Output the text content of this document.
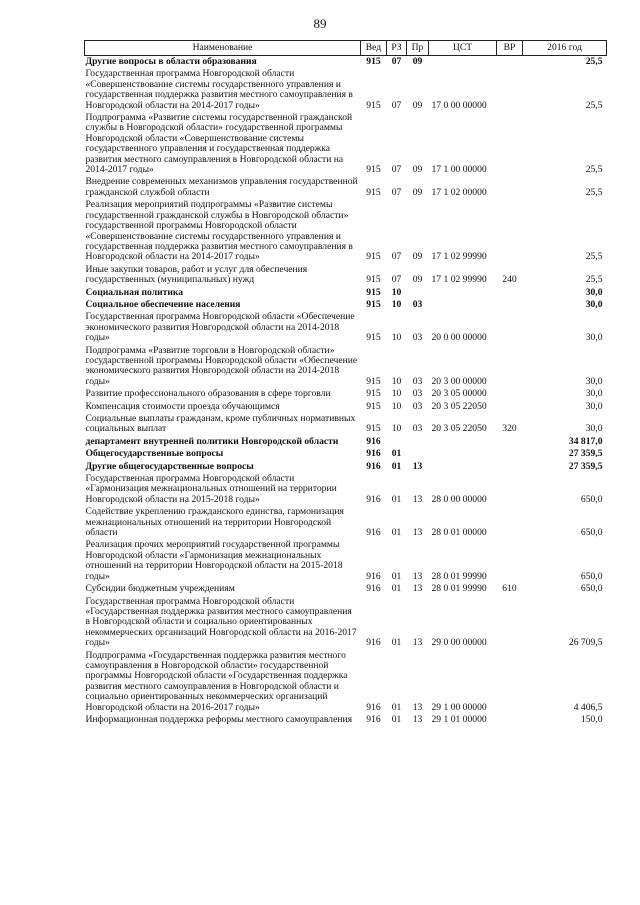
89
Наименование	Вед	РЗ	Пр	ЦСТ	ВР	2016 год
Другие вопросы в области образования	915	07	09			25,5
Государственная программа Новгородской области «Совершенствование системы государственного управления и государственная поддержка развития местного самоуправления в Новгородской области на 2014-2017 годы»	915	07	09	17 0 00 00000		25,5
Подпрограмма «Развитие системы государственной гражданской службы в Новгородской области» государственной программы Новгородской области «Совершенствование системы государственного управления и государственная поддержка развития местного самоуправления в Новгородской области на 2014-2017 годы»	915	07	09	17 1 00 00000		25,5
Внедрение современных механизмов управления государственной гражданской службой области	915	07	09	17 1 02 00000		25,5
Реализация мероприятий подпрограммы «Развитие системы государственной гражданской службы в Новгородской области» государственной программы Новгородской области «Совершенствование системы государственного управления и государственная поддержка развития местного самоуправления в Новгородской области на 2014-2017 годы»	915	07	09	17 1 02 99990		25,5
Иные закупки товаров, работ и услуг для обеспечения государственных (муниципальных) нужд	915	07	09	17 1 02 99990	240	25,5
Социальная политика	915	10				30,0
Социальное обеспечение населения	915	10	03			30,0
Государственная программа Новгородской области «Обеспечение экономического развития Новгородской области на 2014-2018 годы»	915	10	03	20 0 00 00000		30,0
Подпрограмма «Развитие торговли в Новгородской области» государственной программы Новгородской области «Обеспечение экономического развития Новгородской области на 2014-2018 годы»	915	10	03	20 3 00 00000		30,0
Развитие профессионального образования в сфере торговли	915	10	03	20 3 05 00000		30,0
Компенсация стоимости проезда обучающимся	915	10	03	20 3 05 22050		30,0
Социальные выплаты гражданам, кроме публичных нормативных социальных выплат	915	10	03	20 3 05 22050	320	30,0
департамент внутренней политики Новгородской области	916					34 817,0
Общегосударственные вопросы	916	01				27 359,5
Другие общегосударственные вопросы	916	01	13			27 359,5
Государственная программа Новгородской области «Гармонизация межнациональных отношений на территории Новгородской области на 2015-2018 годы»	916	01	13	28 0 00 00000		650,0
Содействие укреплению гражданского единства, гармонизация межнациональных отношений на территории Новгородской области	916	01	13	28 0 01 00000		650,0
Реализация прочих мероприятий государственной программы Новгородской области «Гармонизация межнациональных отношений на территории Новгородской области на 2015-2018 годы»	916	01	13	28 0 01 99990		650,0
Субсидии бюджетным учреждениям	916	01	13	28 0 01 99990	610	650,0
Государственная программа Новгородской области «Государственная поддержка развития местного самоуправления в Новгородской области и социально ориентированных некоммерческих организаций Новгородской области на 2016-2017 годы»	916	01	13	29 0 00 00000		26 709,5
Подпрограмма «Государственная поддержка развития местного самоуправления в Новгородской области» государственной программы Новгородской области «Государственная поддержка развития местного самоуправления в Новгородской области и социально ориентированных некоммерческих организаций Новгородской области на 2016-2017 годы»	916	01	13	29 1 00 00000		4 406,5
Информационная поддержка реформы местного самоуправления	916	01	13	29 1 01 00000		150,0
